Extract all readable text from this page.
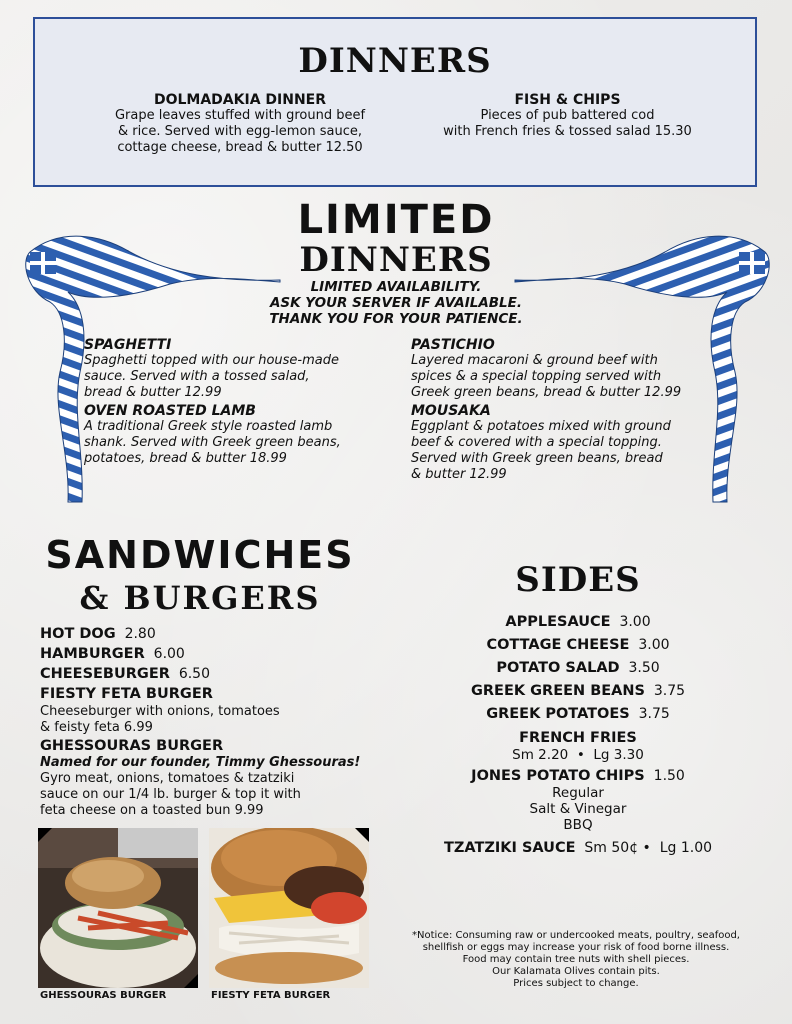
DINNERS
DOLMADAKIA DINNER
Grape leaves stuffed with ground beef
& rice. Served with egg-lemon sauce,
cottage cheese, bread & butter 12.50
FISH & CHIPS
Pieces of pub battered cod
with French fries & tossed salad 15.30
LIMITED
DINNERS
LIMITED AVAILABILITY.
ASK YOUR SERVER IF AVAILABLE.
THANK YOU FOR YOUR PATIENCE.
SPAGHETTI
Spaghetti topped with our house-made
sauce. Served with a tossed salad,
bread & butter 12.99
OVEN ROASTED LAMB
A traditional Greek style roasted lamb
shank. Served with Greek green beans,
potatoes, bread & butter 18.99
PASTICHIO
Layered macaroni & ground beef with
spices & a special topping served with
Greek green beans, bread & butter 12.99
MOUSAKA
Eggplant & potatoes mixed with ground
beef & covered with a special topping.
Served with Greek green beans, bread
& butter 12.99
SANDWICHES
& BURGERS
HOT DOG 2.80
HAMBURGER 6.00
CHEESEBURGER 6.50
FIESTY FETA BURGER
Cheeseburger with onions, tomatoes
& feisty feta 6.99
GHESSOURAS BURGER
Named for our founder, Timmy Ghessouras!
Gyro meat, onions, tomatoes & tzatziki
sauce on our 1/4 lb. burger & top it with
feta cheese on a toasted bun 9.99
GHESSOURAS BURGER	FIESTY FETA BURGER
SIDES
APPLESAUCE 3.00
COTTAGE CHEESE 3.00
POTATO SALAD 3.50
GREEK GREEN BEANS 3.75
GREEK POTATOES 3.75
FRENCH FRIES
Sm 2.20  •  Lg 3.30
JONES POTATO CHIPS 1.50
Regular
Salt & Vinegar
BBQ
TZATZIKI SAUCE Sm 50¢ •  Lg 1.00
*Notice: Consuming raw or undercooked meats, poultry, seafood,
shellfish or eggs may increase your risk of food borne illness.
Food may contain tree nuts with shell pieces.
Our Kalamata Olives contain pits.
Prices subject to change.
